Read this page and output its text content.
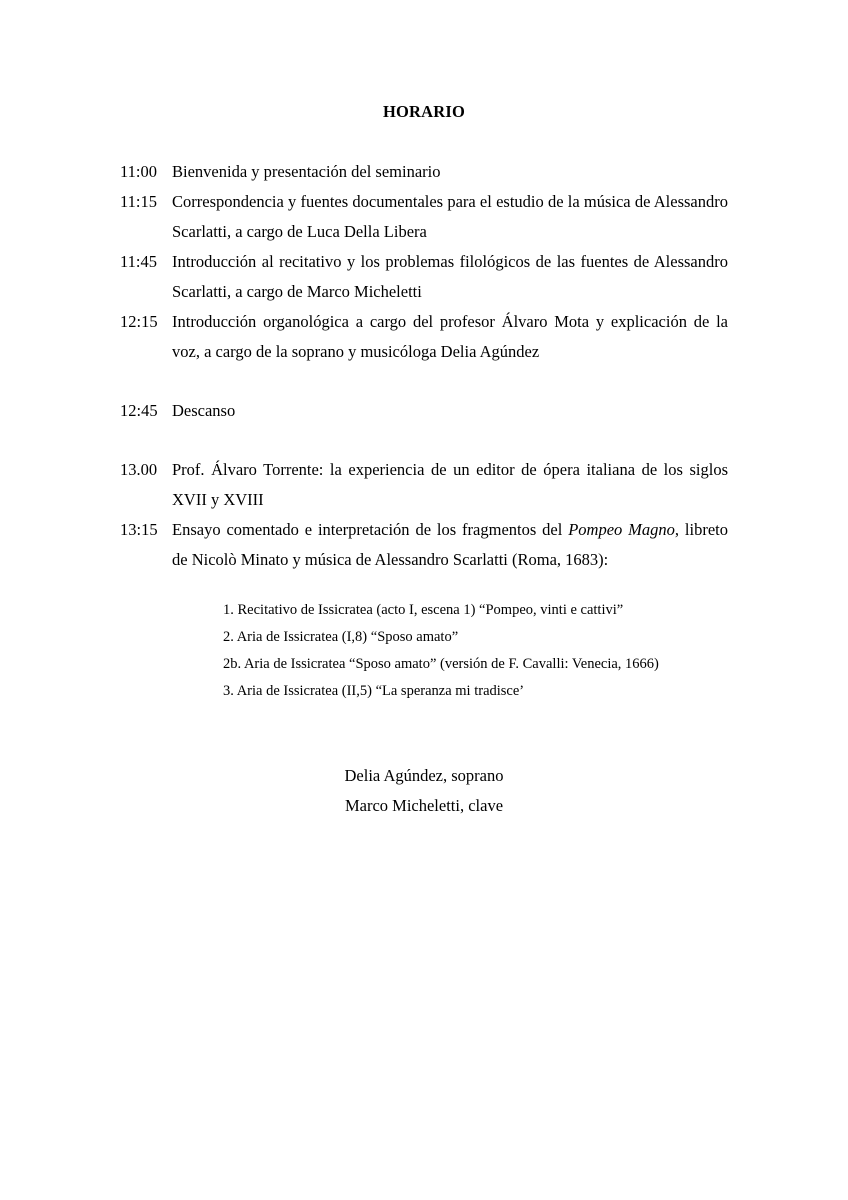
HORARIO
11:00 Bienvenida y presentación del seminario
11:15 Correspondencia y fuentes documentales para el estudio de la música de Alessandro Scarlatti, a cargo de Luca Della Libera
11:45 Introducción al recitativo y los problemas filológicos de las fuentes de Alessandro Scarlatti, a cargo de Marco Micheletti
12:15 Introducción organológica a cargo del profesor Álvaro Mota y explicación de la voz, a cargo de la soprano y musicóloga Delia Agúndez
12:45 Descanso
13.00 Prof. Álvaro Torrente: la experiencia de un editor de ópera italiana de los siglos XVII y XVIII
13:15 Ensayo comentado e interpretación de los fragmentos del Pompeo Magno, libreto de Nicolò Minato y música de Alessandro Scarlatti (Roma, 1683):
1. Recitativo de Issicratea (acto I, escena 1) “Pompeo, vinti e cattivi”
2. Aria de Issicratea (I,8) “Sposo amato”
2b. Aria de Issicratea “Sposo amato” (versión de F. Cavalli: Venecia, 1666)
3. Aria de Issicratea (II,5) “La speranza mi tradisce’
Delia Agúndez, soprano
Marco Micheletti, clave
